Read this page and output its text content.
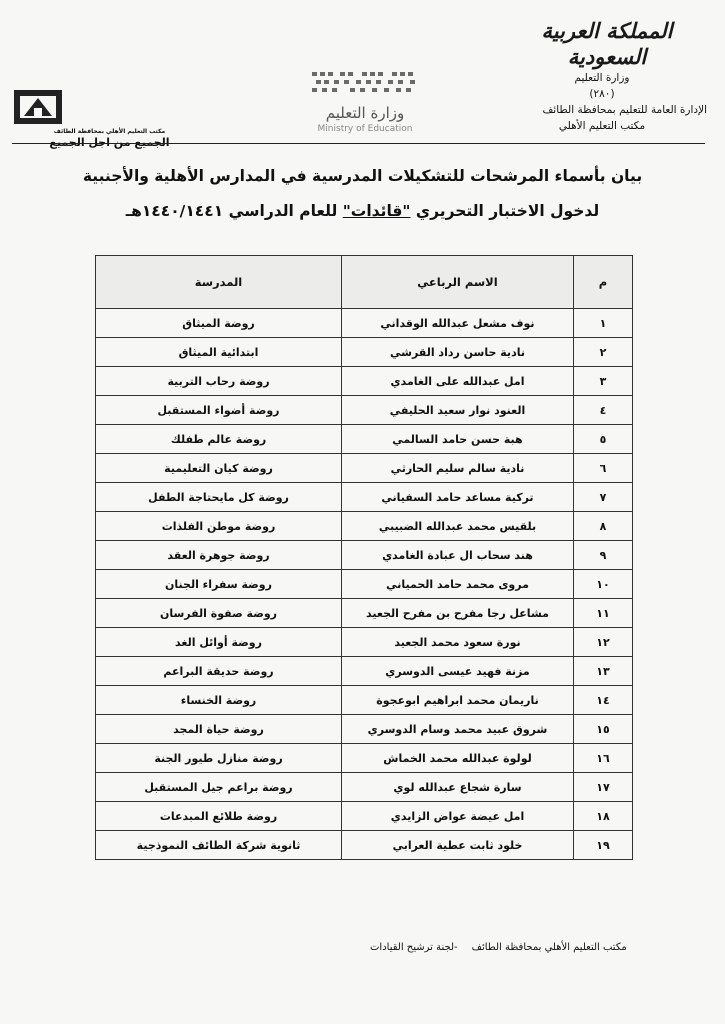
المملكة العربية السعودية
وزارة التعليم
(٢٨٠)
الإدارة العامة للتعليم بمحافظة الطائف
مكتب التعليم الأهلي
وزارة التعليم
Ministry of Education
مكتب التعليم الأهلي بمحافظة الطائف
الجميع من اجل الجميع
بيان بأسماء المرشحات للتشكيلات المدرسية في المدارس الأهلية والأجنبية
لدخول الاختبار التحريري "قائدات" للعام الدراسي ١٤٤٠/١٤٤١هـ
م	الاسم الرباعي	المدرسة
١	نوف مشعل عبدالله الوقداني	روضة الميثاق
٢	نادية حاسن رداد القرشي	ابتدائية الميثاق
٣	امل عبدالله على الغامدي	روضة رحاب التربية
٤	العنود نوار سعيد الحليفي	روضة أضواء المستقبل
٥	هبة حسن حامد السالمي	روضة عالم طفلك
٦	نادية سالم سليم الحارثي	روضة كيان التعليمية
٧	تركية مساعد حامد السفياني	روضة كل مايحتاجة الطفل
٨	بلقيس محمد عبدالله الضبيبي	روضة موطن الفلذات
٩	هند سحاب ال عبادة الغامدي	روضة جوهرة العقد
١٠	مروى محمد حامد الحمياني	روضة سفراء الجنان
١١	مشاعل رجا مفرح بن مفرح الجعيد	روضة صفوة الفرسان
١٢	نورة سعود محمد الجعيد	روضة أوائل الغد
١٣	مزنة فهيد عيسى الدوسري	روضة حديقة البراعم
١٤	ناريمان محمد ابراهيم ابوعجوة	روضة الخنساء
١٥	شروق عبيد محمد وسام الدوسري	روضة حياة المجد
١٦	لولوة عبدالله محمد الخماش	روضة منازل طيور الجنة
١٧	سارة شجاع عبدالله لوي	روضة براعم جيل المستقبل
١٨	امل عيضة عواض الزايدي	روضة طلائع المبدعات
١٩	خلود ثابت عطية العرابي	ثانوية شركة الطائف النموذجية
مكتب التعليم الأهلي بمحافظة الطائف-لجنة ترشيح القيادات
